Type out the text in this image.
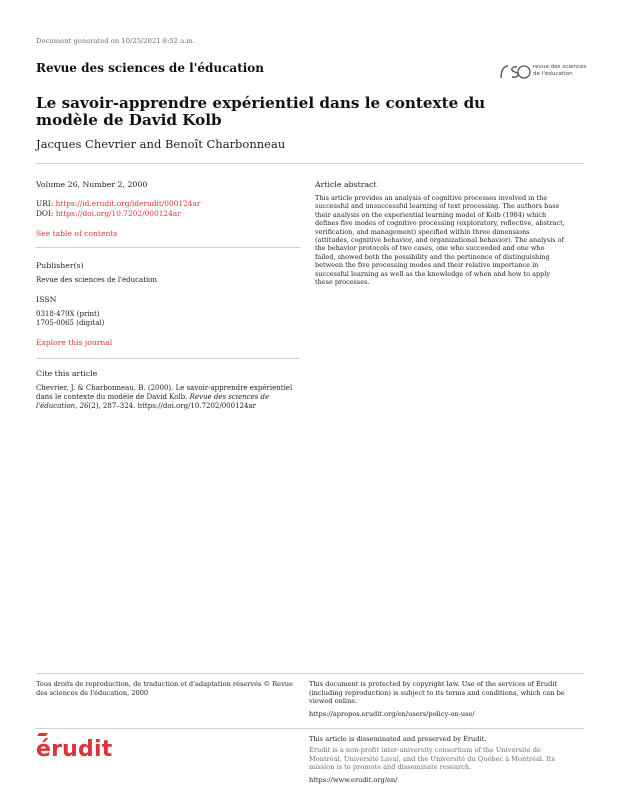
Document generated on 10/25/2021 8:52 a.m.
Revue des sciences de l'éducation	revue des sciences
de l'éducation
Le savoir-apprendre expérientiel dans le contexte du modèle de David Kolb
Jacques Chevrier and Benoît Charbonneau
Volume 26, Number 2, 2000
URI: https://id.erudit.org/iderudit/000124ar
DOI: https://doi.org/10.7202/000124ar
See table of contents
Publisher(s)
Revue des sciences de l'éducation
ISSN
0318-479X (print)
1705-0065 (digital)
Explore this journal
Cite this article
Chevrier, J. & Charbonneau, B. (2000). Le savoir-apprendre expérientiel dans le contexte du modèle de David Kolb. Revue des sciences de l'éducation, 26(2), 287–324. https://doi.org/10.7202/000124ar
Article abstract
This article provides an analysis of cognitive processes involved in the successful and unsuccessful learning of text processing. The authors base their analysis on the experiential learning model of Kolb (1984) which defines five modes of cognitive processing (exploratory, reflective, abstract, verification, and management) specified within three dimensions (attitudes, cognitive behavior, and organizational behavior). The analysis of the behavior protocols of two cases, one who succeeded and one who failed, showed both the possibility and the pertinence of distinguishing between the five processing modes and their relative importance in successful learning as well as the knowledge of when and how to apply these processes.
Tous droits de reproduction, de traduction et d'adaptation réservés © Revue des sciences de l'éducation, 2000
This document is protected by copyright law. Use of the services of Érudit (including reproduction) is subject to its terms and conditions, which can be viewed online.
https://apropos.erudit.org/en/users/policy-on-use/
érudit	This article is disseminated and preserved by Érudit.
Érudit is a non-profit inter-university consortium of the Université de Montréal, Université Laval, and the Université du Québec à Montréal. Its mission is to promote and disseminate research.
https://www.erudit.org/en/
